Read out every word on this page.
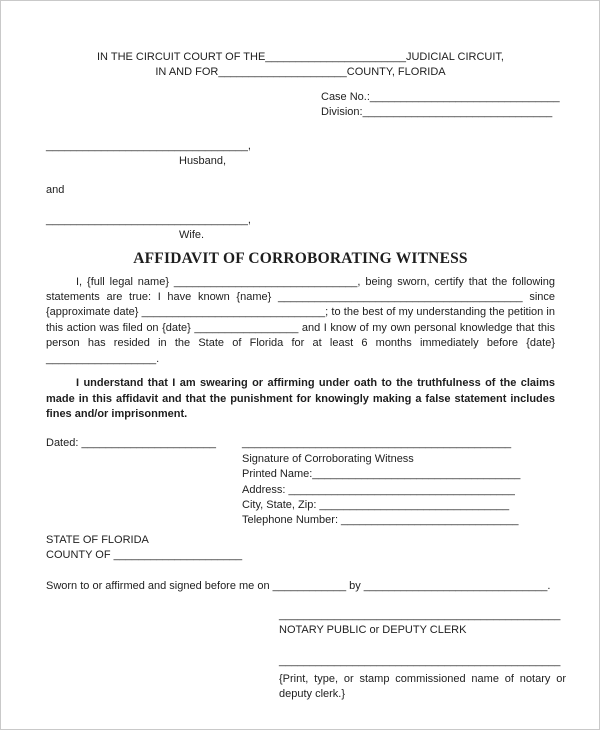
IN THE CIRCUIT COURT OF THE_______________________JUDICIAL CIRCUIT,
IN AND FOR_____________________COUNTY, FLORIDA
Case No.:_______________________________
Division:_______________________________
_________________________________,
Husband,
and
_________________________________,
Wife.
AFFIDAVIT OF CORROBORATING WITNESS
I, {full legal name} ______________________________, being sworn, certify that the following statements are true: I have known {name} ________________________________________ since {approximate date} ______________________________; to the best of my understanding the petition in this action was filed on {date} _________________ and I know of my own personal knowledge that this person has resided in the State of Florida for at least 6 months immediately before {date} __________________.
I understand that I am swearing or affirming under oath to the truthfulness of the claims made in this affidavit and that the punishment for knowingly making a false statement includes fines and/or imprisonment.
Dated: ______________________	____________________________________________
Signature of Corroborating Witness
Printed Name:__________________________________
Address: _____________________________________
City, State, Zip: _______________________________
Telephone Number: _____________________________
STATE OF FLORIDA
COUNTY OF _____________________
Sworn to or affirmed and signed before me on ____________ by ______________________________.
______________________________________________
NOTARY PUBLIC or DEPUTY CLERK
______________________________________________
{Print, type, or stamp commissioned name of notary or deputy clerk.}
